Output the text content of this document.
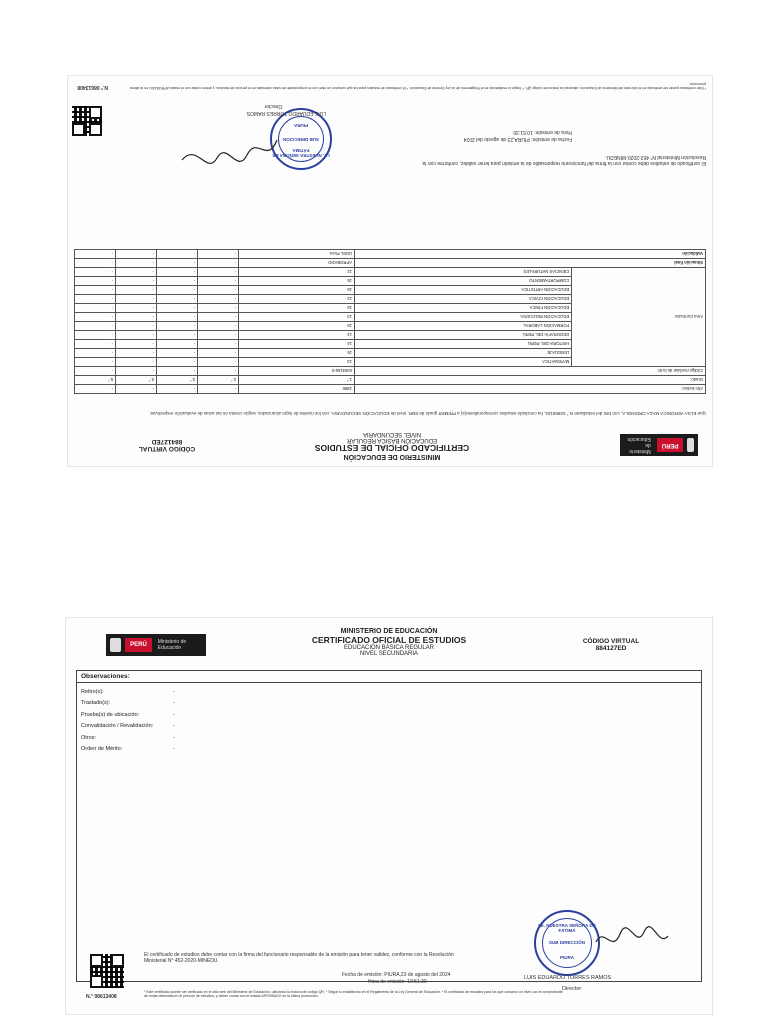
PERÚ
Ministerio de Educación
MINISTERIO DE EDUCACIÓN
CERTIFICADO OFICIAL DE ESTUDIOS
EDUCACIÓN BÁSICA REGULAR
NIVEL SECUNDARIA
CÓDIGO VIRTUAL
884127ED
Que ELSA VERONICA MAZA ORDINOLA, con DNI del estudiante N.° 02868104, ha concluido estudios correspondiente(s) a PRIMER grado de EBR, nivel de EDUCACIÓN SECUNDARIA, con los niveles de logro alcanzados, según consta en las actas de evaluación respectivas:
Año lectivo:		1980	-	-	-	-
Grado:		1.°	2.°	3.°	4.°	5.°
Código modular de la IE:		0284166-0	-	-	-	-
Área Curricular	MATEMÁTICA	13	-	-	-	-
	LENGUAJE	15	-	-	-	-
	HISTORIA DEL PERÚ	14	-	-	-	-
	GEOGRAFÍA DEL PERÚ	14	-	-	-	-
	FORMACIÓN LABORAL	15	-	-	-	-
	EDUCACIÓN RELIGIOSA	13	-	-	-	-
	EDUCACIÓN FÍSICA	16	-	-	-	-
	EDUCACIÓN CÍVICA	12	-	-	-	-
	EDUCACIÓN ARTÍSTICA	15	-	-	-	-
	COMPORTAMIENTO	15	-	-	-	-
	CIENCIAS NATURALES	12	-	-	-	-
Situación final		APROBADO	-	-	-	-
Validación		UGEL Piura	-	-	-	-
I.E. NUESTRA SEÑORA DE FÁTIMA
SUB DIRECCIÓN
PIURA
El certificado de estudios debe contar con la firma del funcionario responsable de la emisión para tener validez, conforme con la Resolución Ministerial N° 452-2020-MINEDU.
Fecha de emisión: PIURA,23 de agosto del 2024
Hora de emisión: 10:51:30
LUIS EDUARDO TORRES RAMOS
Director
N.° 08613408	* Este certificado puede ser verificado en el sitio web del Ministerio de Educación, utilizando la lectora de código QR. * Según lo establecido en el Reglamento de la Ley General de Educación. * El certificado de estudios para los que cursaron un nivel con el comprobante de notas obtenidas en el período de estudios, y deben contar con el estado APROBADO en la última promoción.
PERÚ	Ministerio de Educación
MINISTERIO DE EDUCACIÓN
CERTIFICADO OFICIAL DE ESTUDIOS
EDUCACIÓN BÁSICA REGULAR
NIVEL SECUNDARIA
CÓDIGO VIRTUAL
884127ED
Observaciones:
Retiro(s):	-
Traslado(s):	-
Prueba(s) de ubicación:	-
Convalidación / Revalidación:	-
Otros:	-
Orden de Mérito:	-
N.° 08613408
El certificado de estudios debe contar con la firma del funcionario responsable de la emisión para tener validez, conforme con la Resolución Ministerial N° 452-2020-MINEDU.
Fecha de emisión: PIURA,23 de agosto del 2024
Hora de emisión: 10:51:30
* Este certificado puede ser verificado en el sitio web del Ministerio de Educación, utilizando la lectora de código QR. * Según lo establecido en el Reglamento de la Ley General de Educación. * El certificado de estudios para los que cursaron un nivel con el comprobante de notas obtenidas en el período de estudios, y deben contar con el estado APROBADO en la última promoción.
I.E. NUESTRA SEÑORA DE FÁTIMA
SUB DIRECCIÓN
PIURA
LUIS EDUARDO TORRES RAMOS
Director
